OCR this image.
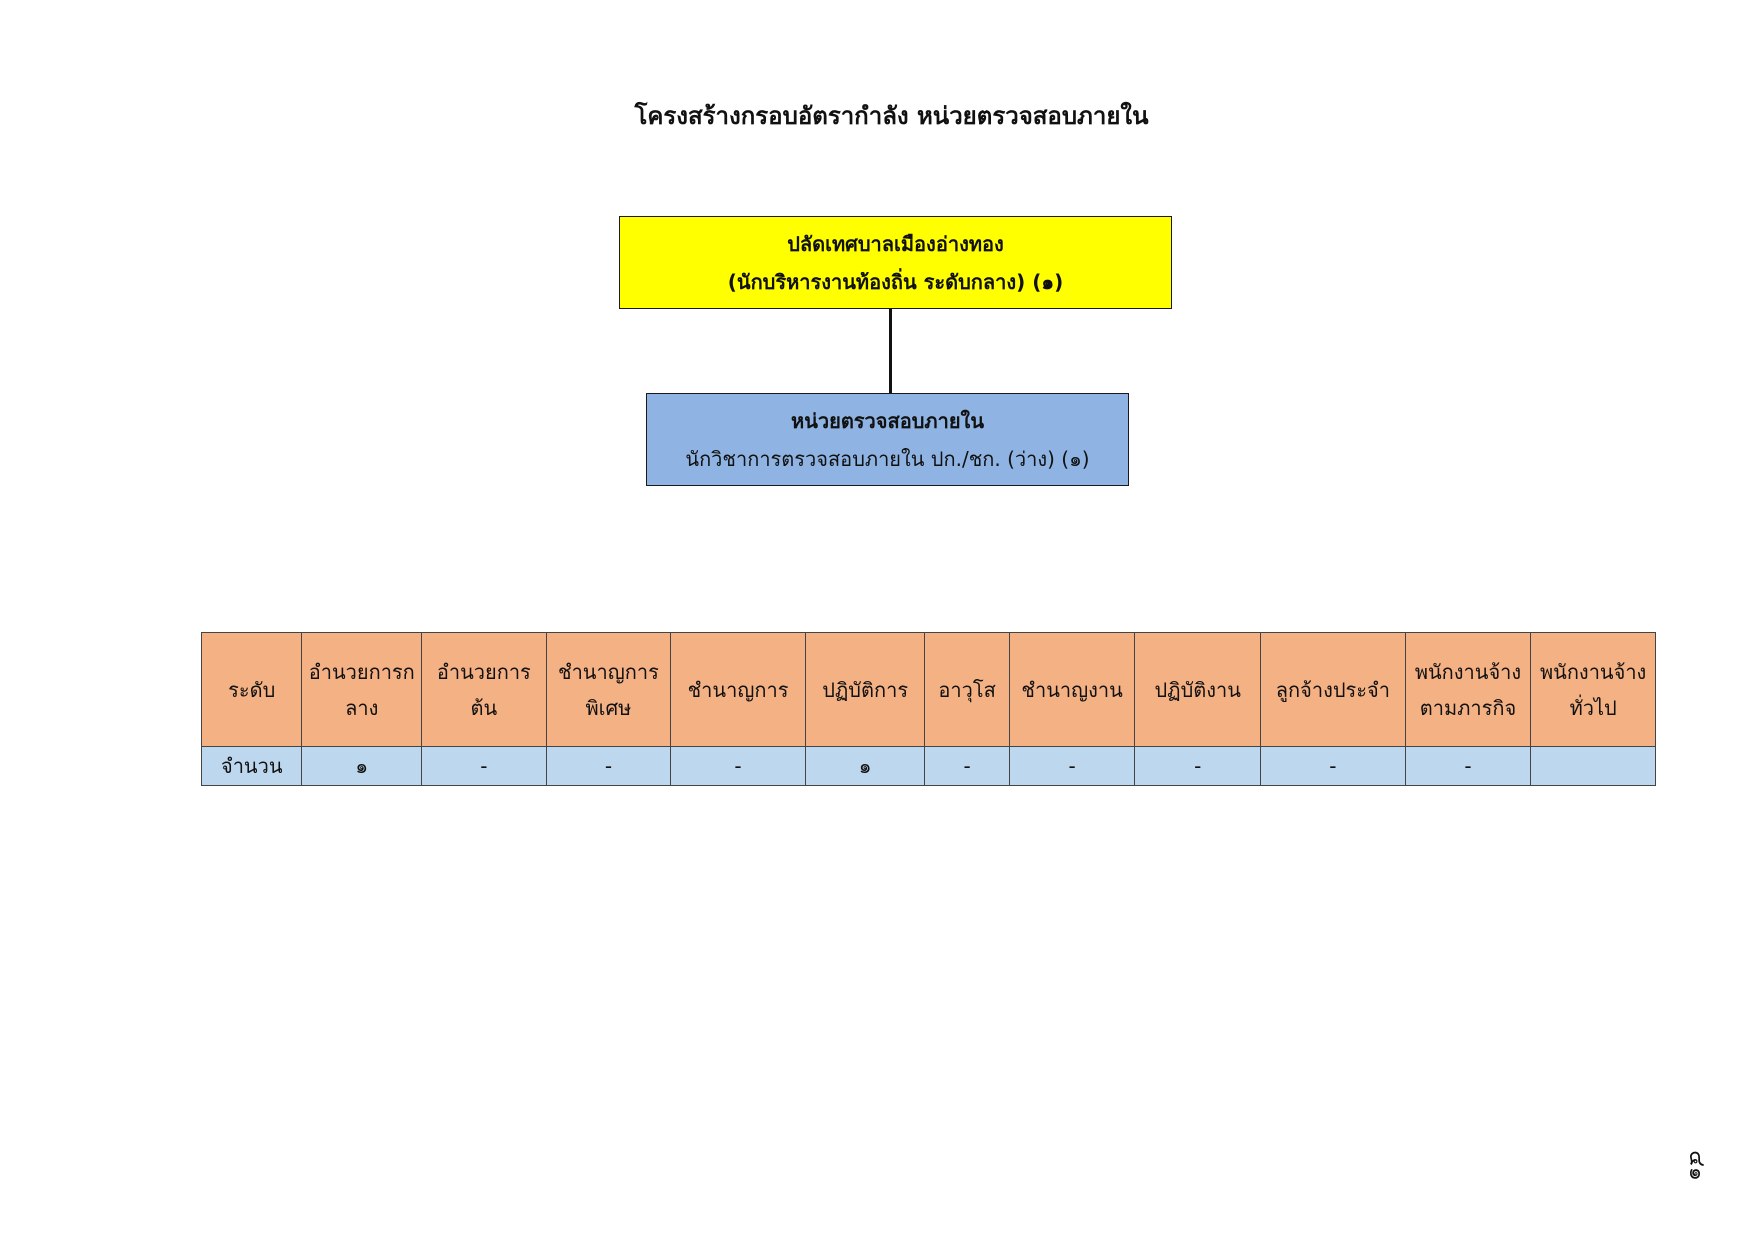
โครงสร้างกรอบอัตรากำลัง หน่วยตรวจสอบภายใน
ปลัดเทศบาลเมืองอ่างทอง
(นักบริหารงานท้องถิ่น ระดับกลาง) (๑)
หน่วยตรวจสอบภายใน
นักวิชาการตรวจสอบภายใน ปก./ชก. (ว่าง) (๑)
ระดับ	อำนวยการกลาง	อำนวยการต้น	ชำนาญการพิเศษ	ชำนาญการ	ปฏิบัติการ	อาวุโส	ชำนาญงาน	ปฏิบัติงาน	ลูกจ้างประจำ	พนักงานจ้างตามภารกิจ	พนักงานจ้างทั่วไป
จำนวน	๑	-	-	-	๑	-	-	-	-	-	
๔๑
